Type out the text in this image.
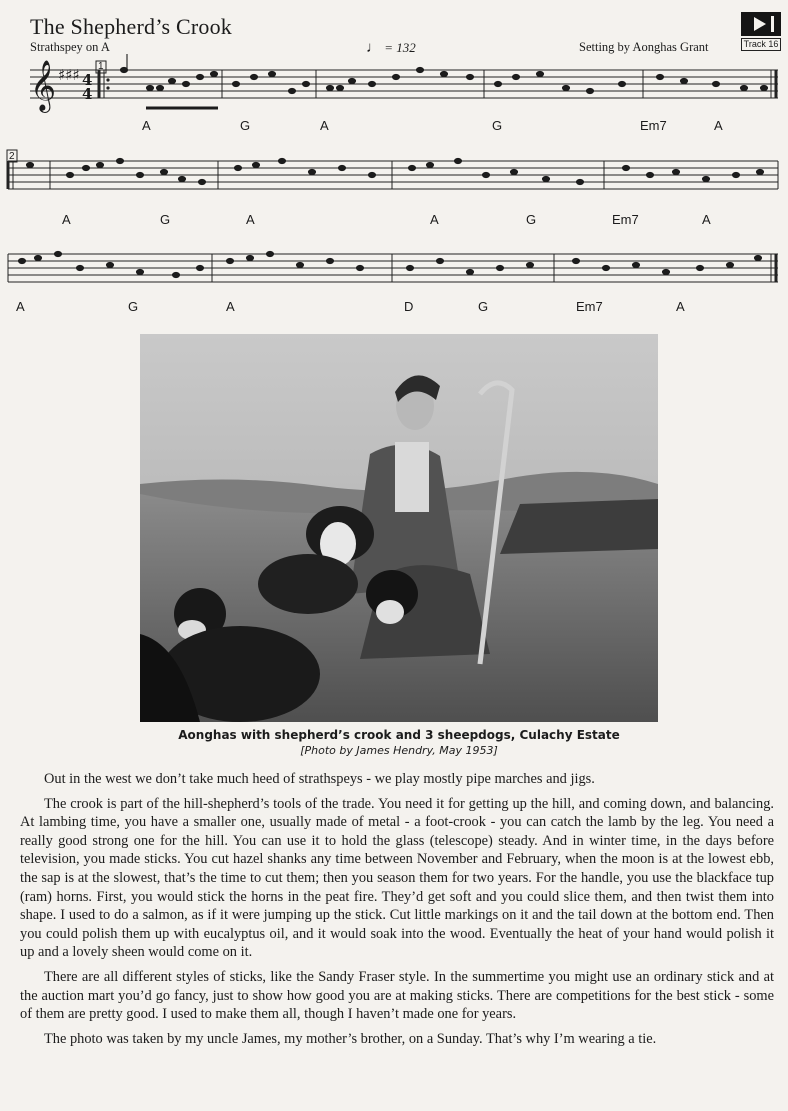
The Shepherd’s Crook
Strathspey on A	♩ = 132	Setting by Aonghas Grant	Track 16
𝄞 ♯♯♯ 4
4
A	G	A	G	Em7	A
1
2
A	G	A	A	G	Em7	A
A	G	A	D	G	Em7	A
Aonghas with shepherd’s crook and 3 sheepdogs, Culachy Estate
[Photo by James Hendry, May 1953]

Out in the west we don’t take much heed of strathspeys - we play mostly pipe marches and jigs.

The crook is part of the hill-shepherd’s tools of the trade. You need it for getting up the hill, and coming down, and balancing. At lambing time, you have a smaller one, usually made of metal - a foot-crook - you can catch the lamb by the leg. You need a really good strong one for the hill. You can use it to hold the glass (telescope) steady. And in winter time, in the days before television, you made sticks. You cut hazel shanks any time between November and February, when the moon is at the lowest ebb, the sap is at the slowest, that’s the time to cut them; then you season them for two years. For the handle, you use the blackface tup (ram) horns. First, you would stick the horns in the peat fire. They’d get soft and you could slice them, and then twist them into shape. I used to do a salmon, as if it were jumping up the stick. Cut little markings on it and the tail down at the bottom end. Then you could polish them up with eucalyptus oil, and it would soak into the wood. Eventually the heat of your hand would polish it up and a lovely sheen would come on it.

There are all different styles of sticks, like the Sandy Fraser style. In the summertime you might use an ordinary stick and at the auction mart you’d go fancy, just to show how good you are at making sticks. There are competitions for the best stick - some of them are pretty good. I used to make them all, though I haven’t made one for years.

The photo was taken by my uncle James, my mother’s brother, on a Sunday. That’s why I’m wearing a tie.
